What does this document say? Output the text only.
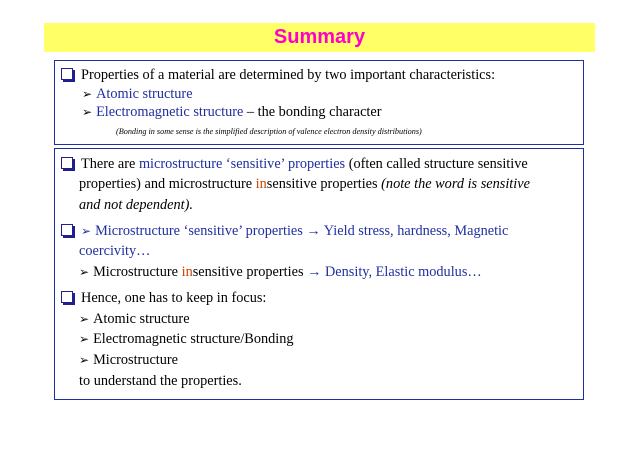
Summary
Properties of a material are determined by two important characteristics:
➢ Atomic structure
➢ Electromagnetic structure – the bonding character
(Bonding in some sense is the simplified description of valence electron density distributions)
There are microstructure ‘sensitive’ properties (often called structure sensitive
properties) and microstructure insensitive properties (note the word is sensitive
and not dependent).
➢ Microstructure ‘sensitive’ properties → Yield stress, hardness, Magnetic
coercivity…
➢ Microstructure insensitive properties → Density, Elastic modulus…
Hence, one has to keep in focus:
➢ Atomic structure
➢ Electromagnetic structure/Bonding
➢ Microstructure
to understand the properties.
